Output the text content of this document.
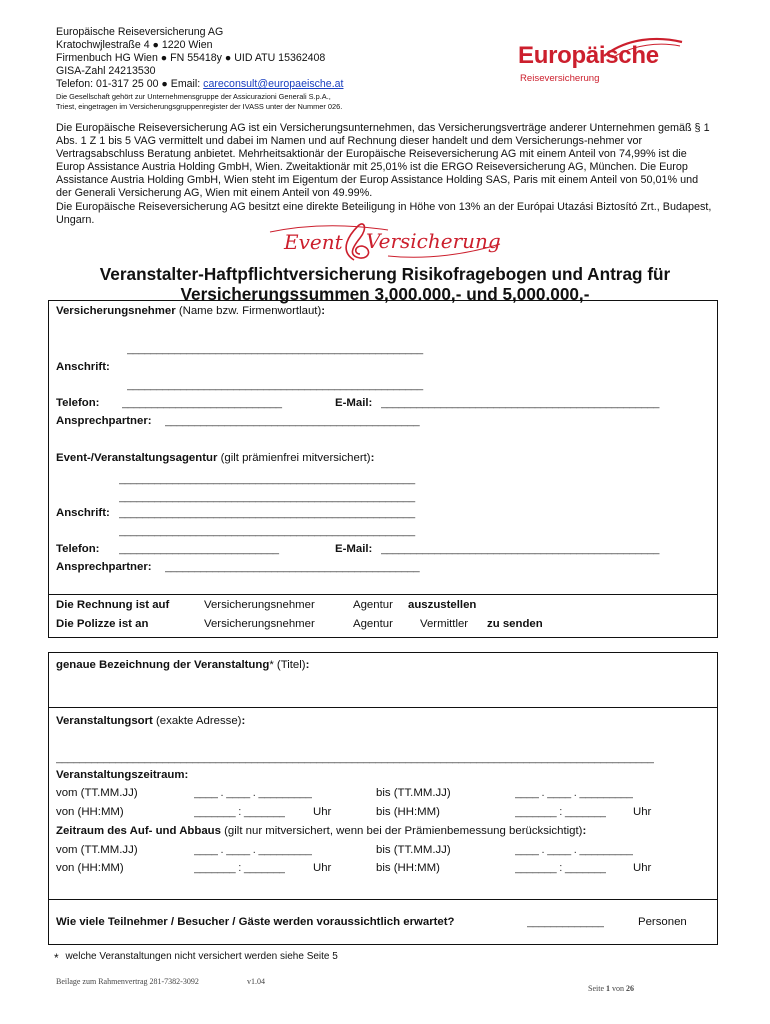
Europäische Reiseversicherung AG
Kratochwjlestraße 4 ● 1220 Wien
Firmenbuch HG Wien ● FN 55418y ● UID ATU 15362408
GISA-Zahl 24213530
Telefon: 01-317 25 00 ● Email: careconsult@europaeische.at
Die Gesellschaft gehört zur Unternehmensgruppe der Assicurazioni Generali S.p.A.,
Triest, eingetragen im Versicherungsgruppenregister der IVASS unter der Nummer 026.
Europäische
Reiseversicherung
Die Europäische Reiseversicherung AG ist ein Versicherungsunternehmen, das Versicherungsverträge anderer Unternehmen gemäß § 1 Abs. 1 Z 1 bis 5 VAG vermittelt und dabei im Namen und auf Rechnung dieser handelt und dem Versicherungs-nehmer vor Vertragsabschluss Beratung anbietet. Mehrheitsaktionär der Europäische Reiseversicherung AG mit einem Anteil von 74,99% ist die Europ Assistance Austria Holding GmbH, Wien. Zweitaktionär mit 25,01% ist die ERGO Reiseversicherung AG, München. Die Europ Assistance Austria Holding GmbH, Wien steht im Eigentum der Europ Assistance Holding SAS, Paris mit einem Anteil von 50,01% und der Generali Versicherung AG, Wien mit einem Anteil von 49.99%.
Die Europäische Reiseversicherung AG besitzt eine direkte Beteiligung in Höhe von 13% an der Európai Utazási Biztosító Zrt., Budapest, Ungarn.
Event Versicherung
Veranstalter-Haftpflichtversicherung Risikofragebogen und Antrag für
Versicherungssummen 3,000.000,- und 5,000.000,-
Versicherungsnehmer (Name bzw. Firmenwortlaut):
__________________________________________________
Anschrift:
__________________________________________________
Telefon: ___________________________	E-Mail: _______________________________________________
Ansprechpartner: ___________________________________________
Event-/Veranstaltungsagentur (gilt prämienfrei mitversichert):
__________________________________________________
__________________________________________________
Anschrift: __________________________________________________
__________________________________________________
Telefon: ___________________________	E-Mail: _______________________________________________
Ansprechpartner: ___________________________________________
Die Rechnung ist auf	Versicherungsnehmer	Agentur auszustellen
Die Polizze ist an	Versicherungsnehmer	Agentur Vermittler zu senden
genaue Bezeichnung der Veranstaltung* (Titel):
Veranstaltungsort (exakte Adresse):
_____________________________________________________________________________________________________
Veranstaltungszeitraum:
vom (TT.MM.JJ)	____ . ____ . _________	bis (TT.MM.JJ)	____ . ____ . _________
von (HH:MM)	_______ : _______ Uhr	bis (HH:MM)	_______ : _______ Uhr
Zeitraum des Auf- und Abbaus (gilt nur mitversichert, wenn bei der Prämienbemessung berücksichtigt):
vom (TT.MM.JJ)	____ . ____ . _________	bis (TT.MM.JJ)	____ . ____ . _________
von (HH:MM)	_______ : _______ Uhr	bis (HH:MM)	_______ : _______ Uhr
Wie viele Teilnehmer / Besucher / Gäste werden voraussichtlich erwartet?	_____________	Personen
* welche Veranstaltungen nicht versichert werden siehe Seite 5
Beilage zum Rahmenvertrag 281-7382-3092	v1.04
Seite 1 von 26
